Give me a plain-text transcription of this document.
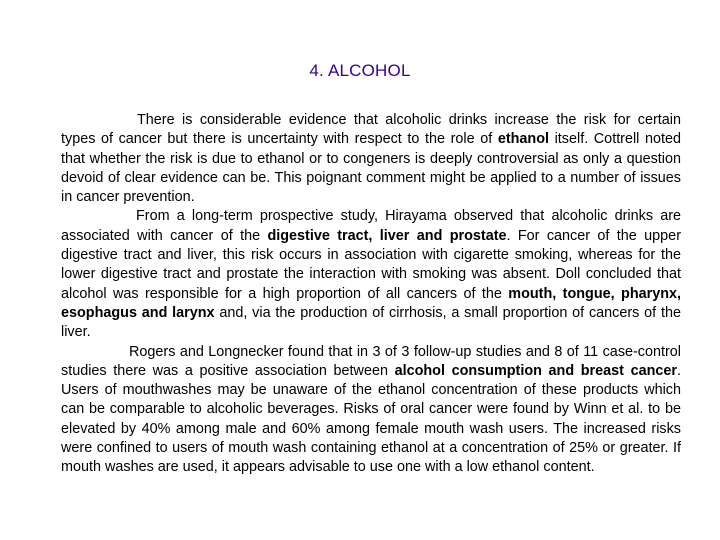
4. ALCOHOL

There is considerable evidence that alcoholic drinks increase the risk for certain types of cancer but there is uncertainty with respect to the role of ethanol itself. Cottrell noted that whether the risk is due to ethanol or to congeners is deeply controversial as only a question devoid of clear evidence can be. This poignant comment might be applied to a number of issues in cancer prevention.

From a long-term prospective study, Hirayama observed that alcoholic drinks are associated with cancer of the digestive tract, liver and prostate. For cancer of the upper digestive tract and liver, this risk occurs in association with cigarette smoking, whereas for the lower digestive tract and prostate the interaction with smoking was absent. Doll concluded that alcohol was responsible for a high proportion of all cancers of the mouth, tongue, pharynx, esophagus and larynx and, via the production of cirrhosis, a small proportion of cancers of the liver.

Rogers and Longnecker found that in 3 of 3 follow-up studies and 8 of 11 case-control studies there was a positive association between alcohol consumption and breast cancer. Users of mouthwashes may be unaware of the ethanol concentration of these products which can be comparable to alcoholic beverages. Risks of oral cancer were found by Winn et al. to be elevated by 40% among male and 60% among female mouth wash users. The increased risks were confined to users of mouth wash containing ethanol at a concentration of 25% or greater. If mouth washes are used, it appears advisable to use one with a low ethanol content.
